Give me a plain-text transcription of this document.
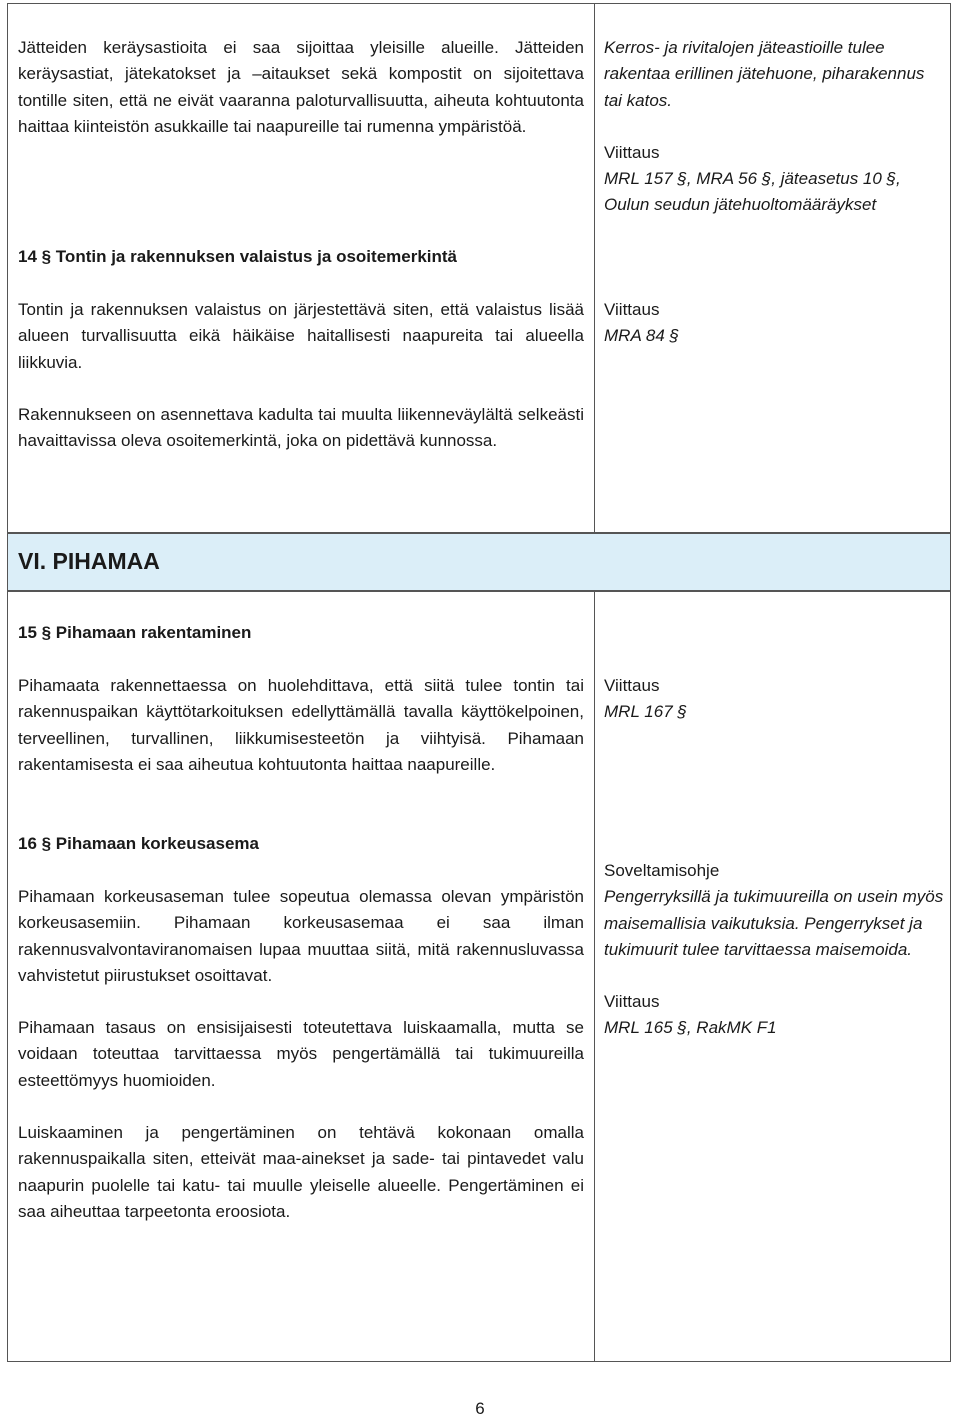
Jätteiden keräysastioita ei saa sijoittaa yleisille alueille. Jätteiden keräysastiat, jätekatokset ja –aitaukset sekä kompostit on sijoitettava tontille siten, että ne eivät vaaranna paloturvallisuutta, aiheuta kohtuutonta haittaa kiinteistön asukkaille tai naapureille tai rumenna ympäristöä.

Kerros- ja rivitalojen jäteastioille tulee rakentaa erillinen jätehuone, piharakennus tai katos.

Viittaus

MRL 157 §, MRA 56 §, jäteasetus 10 §, Oulun seudun jätehuoltomääräykset

14 § Tontin ja rakennuksen valaistus ja osoitemerkintä

Tontin ja rakennuksen valaistus on järjestettävä siten, että valaistus lisää alueen turvallisuutta eikä häikäise haitallisesti naapureita tai alueella liikkuvia.

Rakennukseen on asennettava kadulta tai muulta liikenneväylältä selkeästi havaittavissa oleva osoitemerkintä, joka on pidettävä kunnossa.

Viittaus

MRA 84 §

VI. PIHAMAA

15 § Pihamaan rakentaminen

Pihamaata rakennettaessa on huolehdittava, että siitä tulee tontin tai rakennuspaikan käyttötarkoituksen edellyttämällä tavalla käyttökelpoinen, terveellinen, turvallinen, liikkumisesteetön ja viihtyisä. Pihamaan rakentamisesta ei saa aiheutua kohtuutonta haittaa naapureille.

Viittaus

MRL 167 §

16 § Pihamaan korkeusasema

Pihamaan korkeusaseman tulee sopeutua olemassa olevan ympäristön korkeusasemiin. Pihamaan korkeusasemaa ei saa ilman rakennusvalvontaviranomaisen lupaa muuttaa siitä, mitä rakennusluvassa vahvistetut piirustukset osoittavat.

Pihamaan tasaus on ensisijaisesti toteutettava luiskaamalla, mutta se voidaan toteuttaa tarvittaessa myös pengertämällä tai tukimuureilla esteettömyys huomioiden.

Luiskaaminen ja pengertäminen on tehtävä kokonaan omalla rakennuspaikalla siten, etteivät maa-ainekset ja sade- tai pintavedet valu naapurin puolelle tai katu- tai muulle yleiselle alueelle. Pengertäminen ei saa aiheuttaa tarpeetonta eroosiota.

Soveltamisohje

Pengerryksillä ja tukimuureilla on usein myös maisemallisia vaikutuksia. Pengerrykset ja tukimuurit tulee tarvittaessa maisemoida.

Viittaus

MRL 165 §, RakMK F1

6
